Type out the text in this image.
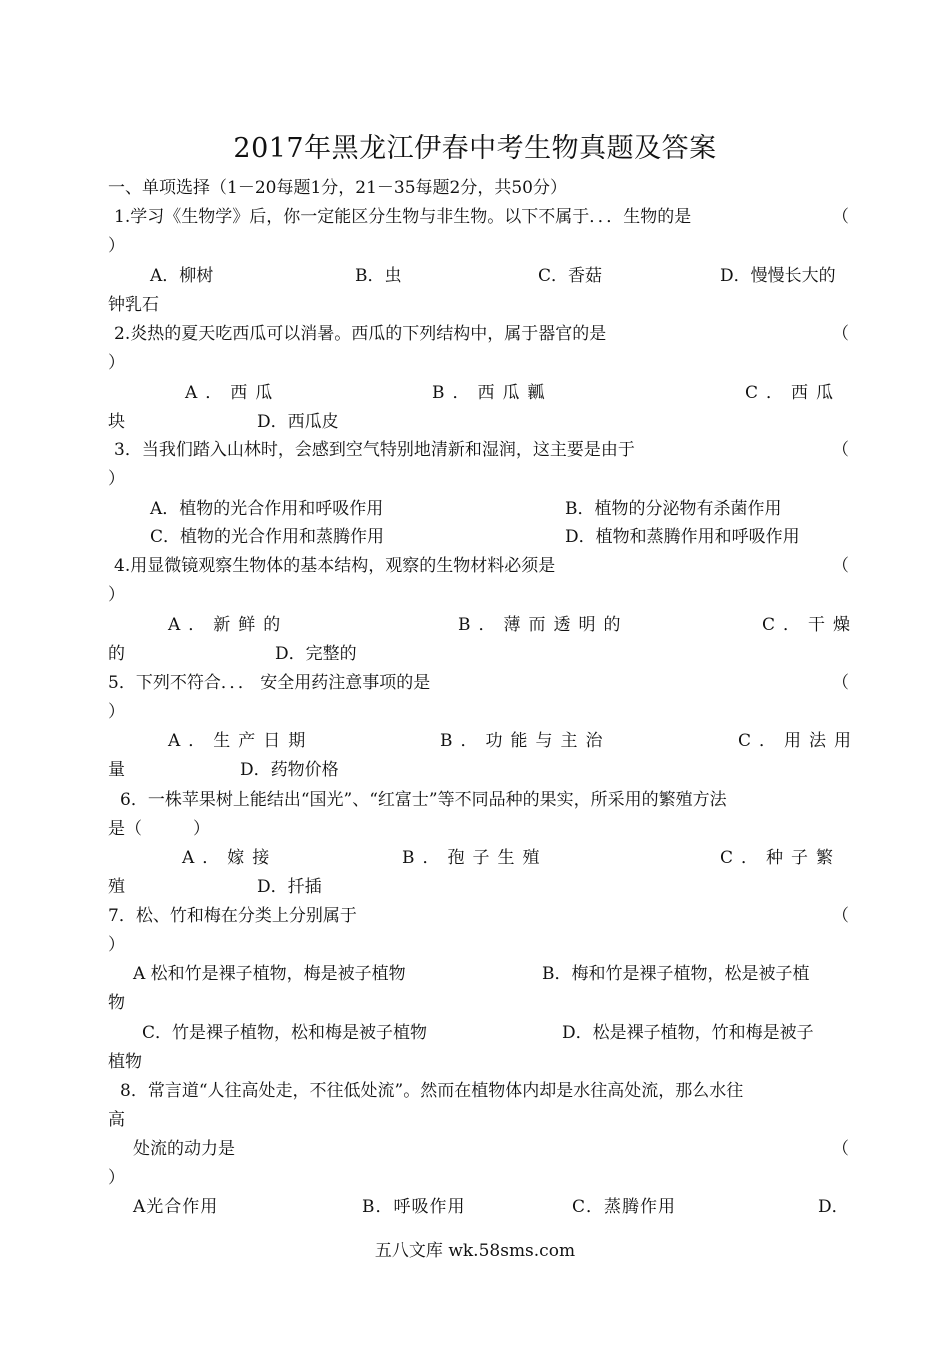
2017年黑龙江伊春中考生物真题及答案
一、单项选择（1－20每题1分，21－35每题2分，共50分）
1.学习《生物学》后，你一定能区分生物与非生物。以下不属于．．．生物的是	（
）
A．柳树	B．虫	C．香菇	D．慢慢长大的
钟乳石
2.炎热的夏天吃西瓜可以消暑。西瓜的下列结构中，属于器官的是	（
）
A．西瓜	B．西瓜瓤	C．西瓜
块	D．西瓜皮
3．当我们踏入山林时，会感到空气特别地清新和湿润，这主要是由于	（
）
A．植物的光合作用和呼吸作用	B．植物的分泌物有杀菌作用
C．植物的光合作用和蒸腾作用	D．植物和蒸腾作用和呼吸作用
4.用显微镜观察生物体的基本结构，观察的生物材料必须是	（
）
A．新鲜的	B．薄而透明的	C．干燥
的	D．完整的
5．下列不符合．．． 安全用药注意事项的是	（
）
A．生产日期	B．功能与主治	C．用法用
量	D．药物价格
6．一株苹果树上能结出“国光”、“红富士”等不同品种的果实，所采用的繁殖方法
是（　　　）
A．嫁接	B．孢子生殖	C．种子繁
殖	D．扦插
7．松、竹和梅在分类上分别属于	（
）
A 松和竹是裸子植物，梅是被子植物	B．梅和竹是裸子植物，松是被子植
物
C．竹是裸子植物，松和梅是被子植物	D．松是裸子植物，竹和梅是被子
植物
8．常言道“人往高处走，不往低处流”。然而在植物体内却是水往高处流，那么水往
高
处流的动力是	（
）
A光合作用	B．呼吸作用	C．蒸腾作用	D．
五八文库 wk.58sms.com
